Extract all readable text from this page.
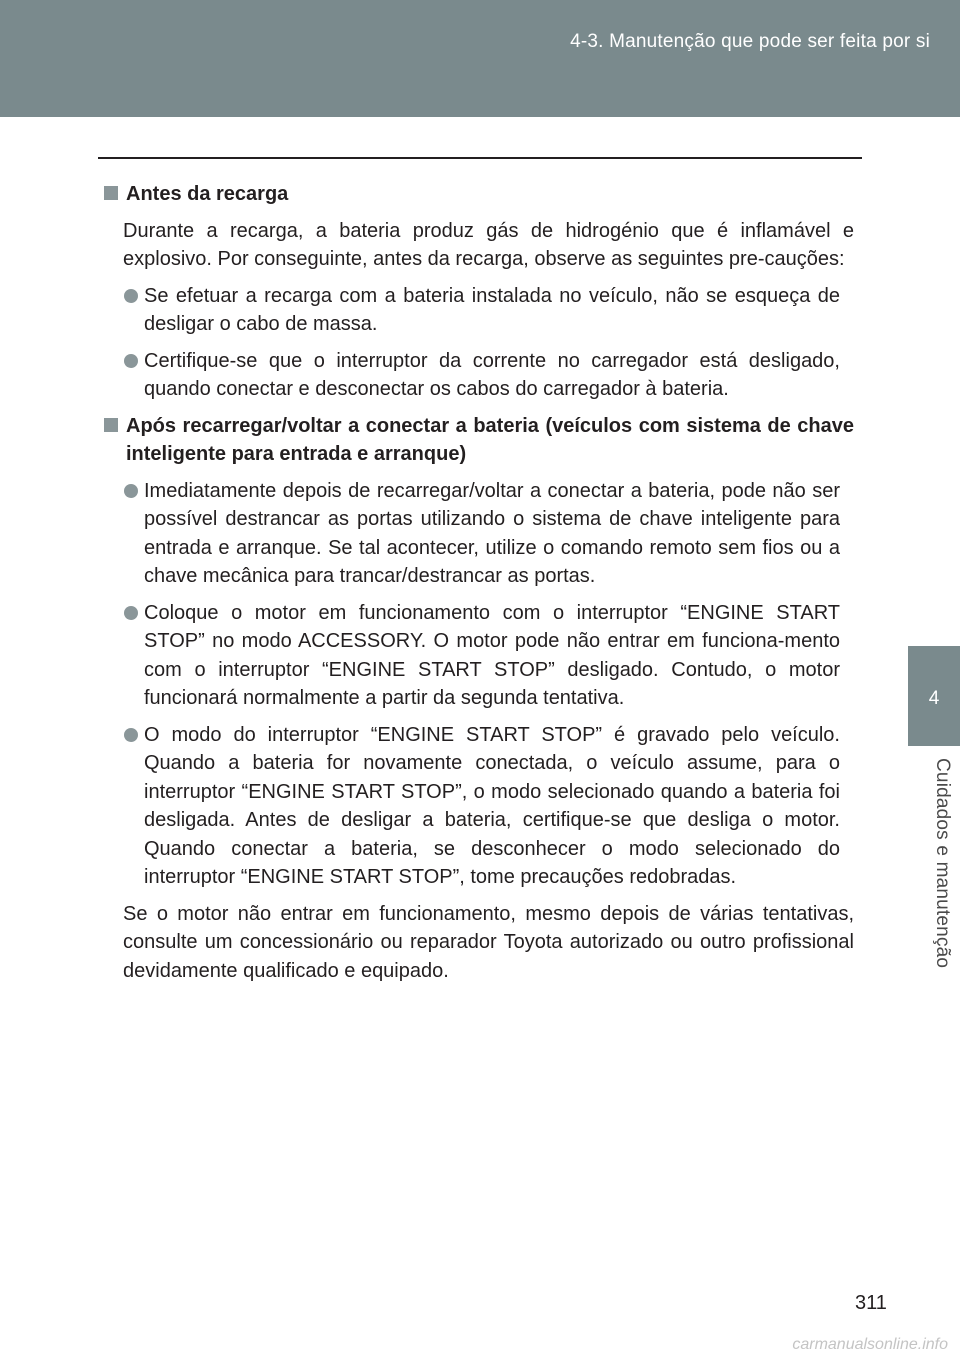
4-3. Manutenção que pode ser feita por si
4
Cuidados e manutenção
Antes da recarga
Durante a recarga, a bateria produz gás de hidrogénio que é inflamável e explosivo. Por conseguinte, antes da recarga, observe as seguintes pre-cauções:
Se efetuar a recarga com a bateria instalada no veículo, não se esqueça de desligar o cabo de massa.
Certifique-se que o interruptor da corrente no carregador está desligado, quando conectar e desconectar os cabos do carregador à bateria.
Após recarregar/voltar a conectar a bateria (veículos com sistema de chave inteligente para entrada e arranque)
Imediatamente depois de recarregar/voltar a conectar a bateria, pode não ser possível destrancar as portas utilizando o sistema de chave inteligente para entrada e arranque. Se tal acontecer, utilize o comando remoto sem fios ou a chave mecânica para trancar/destrancar as portas.
Coloque o motor em funcionamento com o interruptor “ENGINE START STOP” no modo ACCESSORY. O motor pode não entrar em funciona-mento com o interruptor “ENGINE START STOP” desligado. Contudo, o motor funcionará normalmente a partir da segunda tentativa.
O modo do interruptor “ENGINE START STOP” é gravado pelo veículo. Quando a bateria for novamente conectada, o veículo assume, para o interruptor “ENGINE START STOP”, o modo selecionado quando a bateria foi desligada. Antes de desligar a bateria, certifique-se que desliga o motor. Quando conectar a bateria, se desconhecer o modo selecionado do interruptor “ENGINE START STOP”, tome precauções redobradas.
Se o motor não entrar em funcionamento, mesmo depois de várias tentativas, consulte um concessionário ou reparador Toyota autorizado ou outro profissional devidamente qualificado e equipado.
311
carmanualsonline.info
